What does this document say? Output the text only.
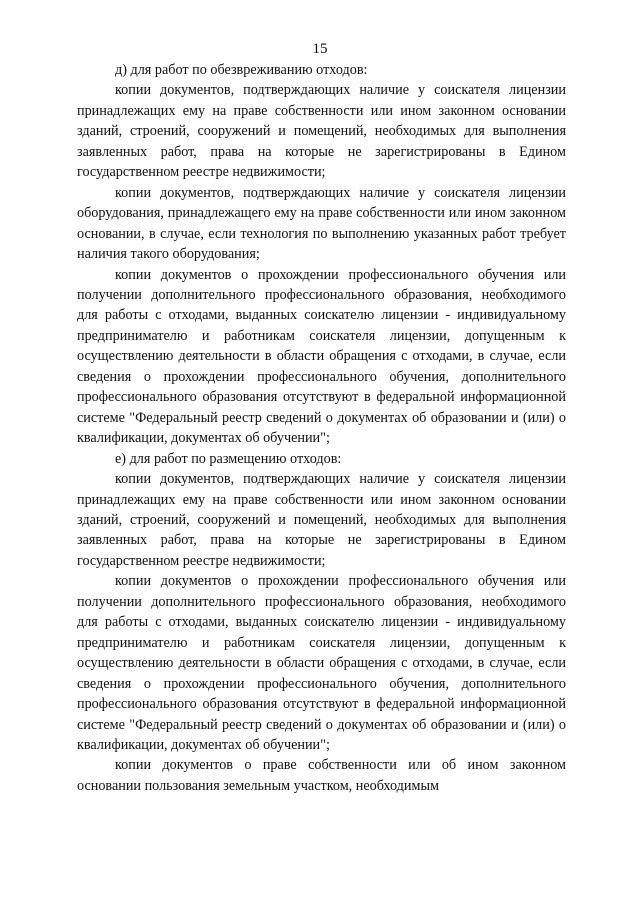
15

д) для работ по обезвреживанию отходов:

копии документов, подтверждающих наличие у соискателя лицензии принадлежащих ему на праве собственности или ином законном основании зданий, строений, сооружений и помещений, необходимых для выполнения заявленных работ, права на которые не зарегистрированы в Едином государственном реестре недвижимости;

копии документов, подтверждающих наличие у соискателя лицензии оборудования, принадлежащего ему на праве собственности или ином законном основании, в случае, если технология по выполнению указанных работ требует наличия такого оборудования;

копии документов о прохождении профессионального обучения или получении дополнительного профессионального образования, необходимого для работы с отходами, выданных соискателю лицензии - индивидуальному предпринимателю и работникам соискателя лицензии, допущенным к осуществлению деятельности в области обращения с отходами, в случае, если сведения о прохождении профессионального обучения, дополнительного профессионального образования отсутствуют в федеральной информационной системе "Федеральный реестр сведений о документах об образовании и (или) о квалификации, документах об обучении";

е) для работ по размещению отходов:

копии документов, подтверждающих наличие у соискателя лицензии принадлежащих ему на праве собственности или ином законном основании зданий, строений, сооружений и помещений, необходимых для выполнения заявленных работ, права на которые не зарегистрированы в Едином государственном реестре недвижимости;

копии документов о прохождении профессионального обучения или получении дополнительного профессионального образования, необходимого для работы с отходами, выданных соискателю лицензии - индивидуальному предпринимателю и работникам соискателя лицензии, допущенным к осуществлению деятельности в области обращения с отходами, в случае, если сведения о прохождении профессионального обучения, дополнительного профессионального образования отсутствуют в федеральной информационной системе "Федеральный реестр сведений о документах об образовании и (или) о квалификации, документах об обучении";

копии документов о праве собственности или об ином законном основании пользования земельным участком, необходимым
